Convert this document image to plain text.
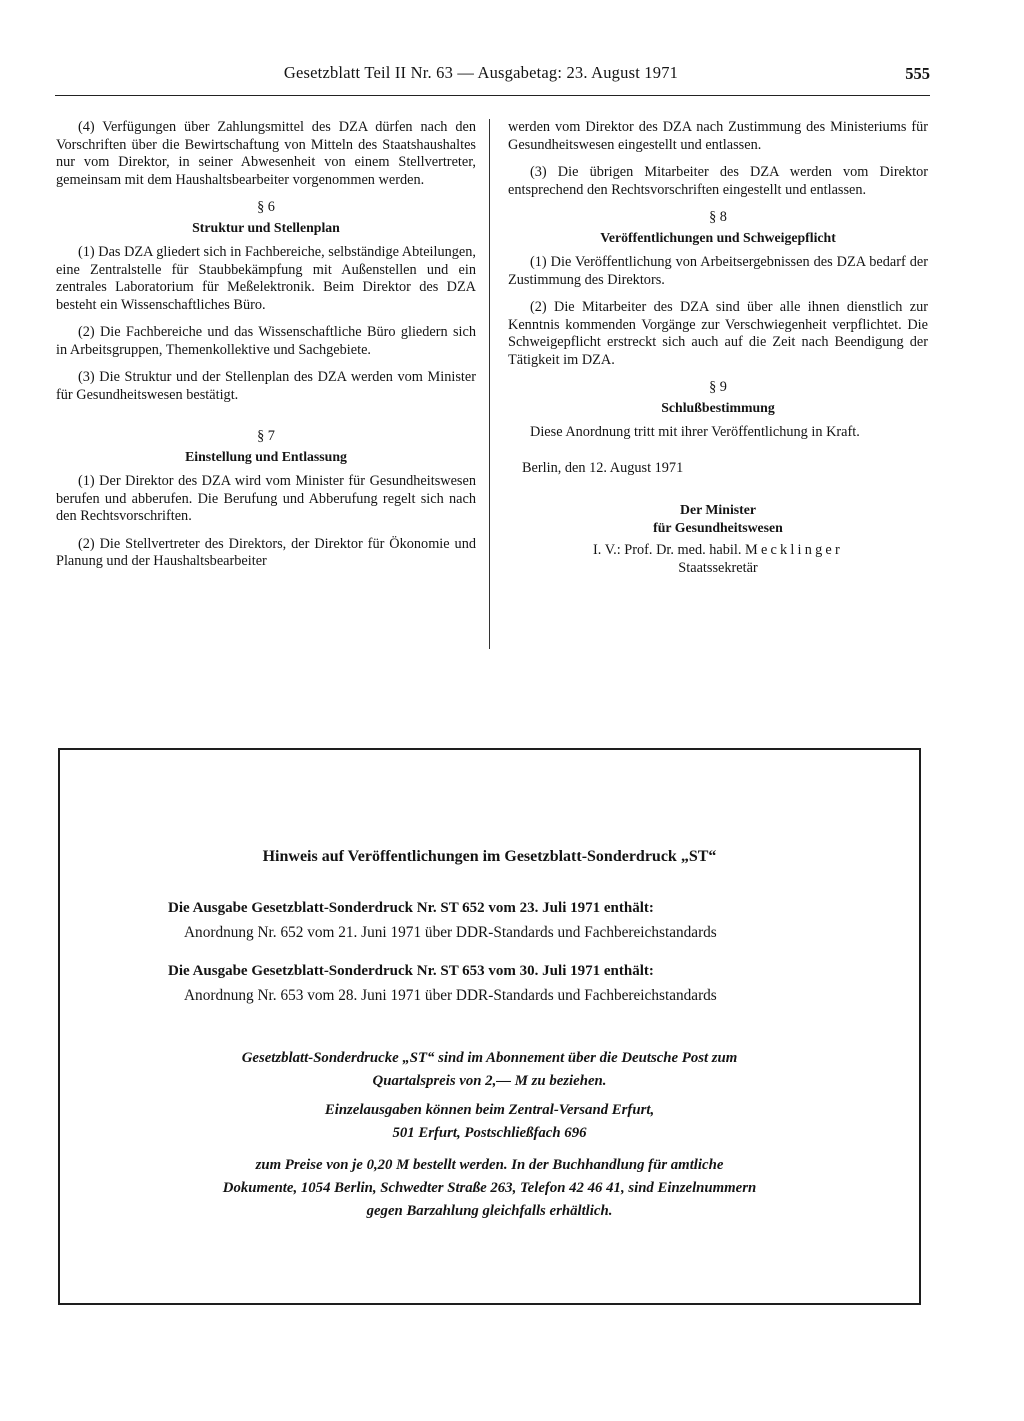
Gesetzblatt Teil II Nr. 63 — Ausgabetag: 23. August 1971	555

(4) Verfügungen über Zahlungsmittel des DZA dürfen nach den Vorschriften über die Bewirtschaftung von Mitteln des Staatshaushaltes nur vom Direktor, in seiner Abwesenheit von einem Stellvertreter, gemeinsam mit dem Haushaltsbearbeiter vorgenommen werden.

§ 6
Struktur und Stellenplan

(1) Das DZA gliedert sich in Fachbereiche, selbständige Abteilungen, eine Zentralstelle für Staubbekämpfung mit Außenstellen und ein zentrales Laboratorium für Meßelektronik. Beim Direktor des DZA besteht ein Wissenschaftliches Büro.

(2) Die Fachbereiche und das Wissenschaftliche Büro gliedern sich in Arbeitsgruppen, Themenkollektive und Sachgebiete.

(3) Die Struktur und der Stellenplan des DZA werden vom Minister für Gesundheitswesen bestätigt.

§ 7
Einstellung und Entlassung

(1) Der Direktor des DZA wird vom Minister für Gesundheitswesen berufen und abberufen. Die Berufung und Abberufung regelt sich nach den Rechtsvorschriften.

(2) Die Stellvertreter des Direktors, der Direktor für Ökonomie und Planung und der Haushaltsbearbeiter

werden vom Direktor des DZA nach Zustimmung des Ministeriums für Gesundheitswesen eingestellt und entlassen.

(3) Die übrigen Mitarbeiter des DZA werden vom Direktor entsprechend den Rechtsvorschriften eingestellt und entlassen.

§ 8
Veröffentlichungen und Schweigepflicht

(1) Die Veröffentlichung von Arbeitsergebnissen des DZA bedarf der Zustimmung des Direktors.

(2) Die Mitarbeiter des DZA sind über alle ihnen dienstlich zur Kenntnis kommenden Vorgänge zur Verschwiegenheit verpflichtet. Die Schweigepflicht erstreckt sich auch auf die Zeit nach Beendigung der Tätigkeit im DZA.

§ 9
Schlußbestimmung

Diese Anordnung tritt mit ihrer Veröffentlichung in Kraft.

Berlin, den 12. August 1971
Der Minister
für Gesundheitswesen
I. V.: Prof. Dr. med. habil. Mecklinger
Staatssekretär
Hinweis auf Veröffentlichungen im Gesetzblatt-Sonderdruck „ST“
Die Ausgabe Gesetzblatt-Sonderdruck Nr. ST 652 vom 23. Juli 1971 enthält:
Anordnung Nr. 652 vom 21. Juni 1971 über DDR-Standards und Fachbereichstandards
Die Ausgabe Gesetzblatt-Sonderdruck Nr. ST 653 vom 30. Juli 1971 enthält:
Anordnung Nr. 653 vom 28. Juni 1971 über DDR-Standards und Fachbereichstandards
Gesetzblatt-Sonderdrucke „ST“ sind im Abonnement über die Deutsche Post zum
Quartalspreis von 2,— M zu beziehen.
Einzelausgaben können beim Zentral-Versand Erfurt,
501 Erfurt, Postschließfach 696
zum Preise von je 0,20 M bestellt werden. In der Buchhandlung für amtliche
Dokumente, 1054 Berlin, Schwedter Straße 263, Telefon 42 46 41, sind Einzelnummern
gegen Barzahlung gleichfalls erhältlich.
